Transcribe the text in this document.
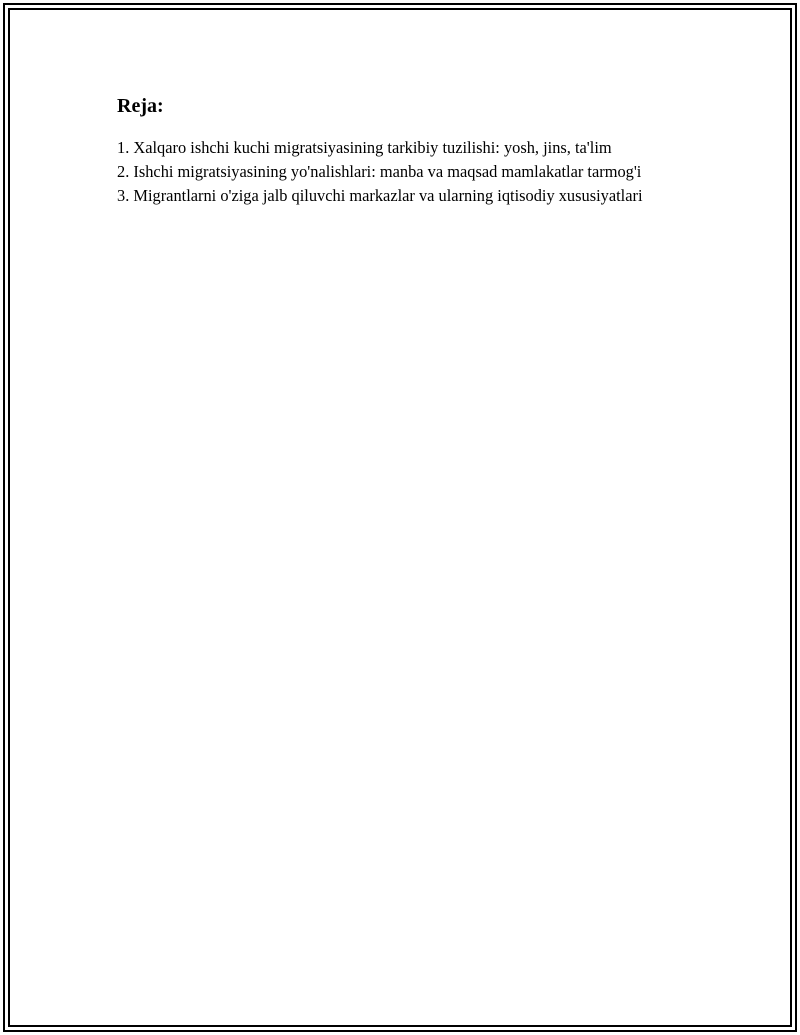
Reja:
1. Xalqaro ishchi kuchi migratsiyasining tarkibiy tuzilishi: yosh, jins, ta'lim
2. Ishchi migratsiyasining yo'nalishlari: manba va maqsad mamlakatlar tarmog'i
3. Migrantlarni o'ziga jalb qiluvchi markazlar va ularning iqtisodiy xususiyatlari
